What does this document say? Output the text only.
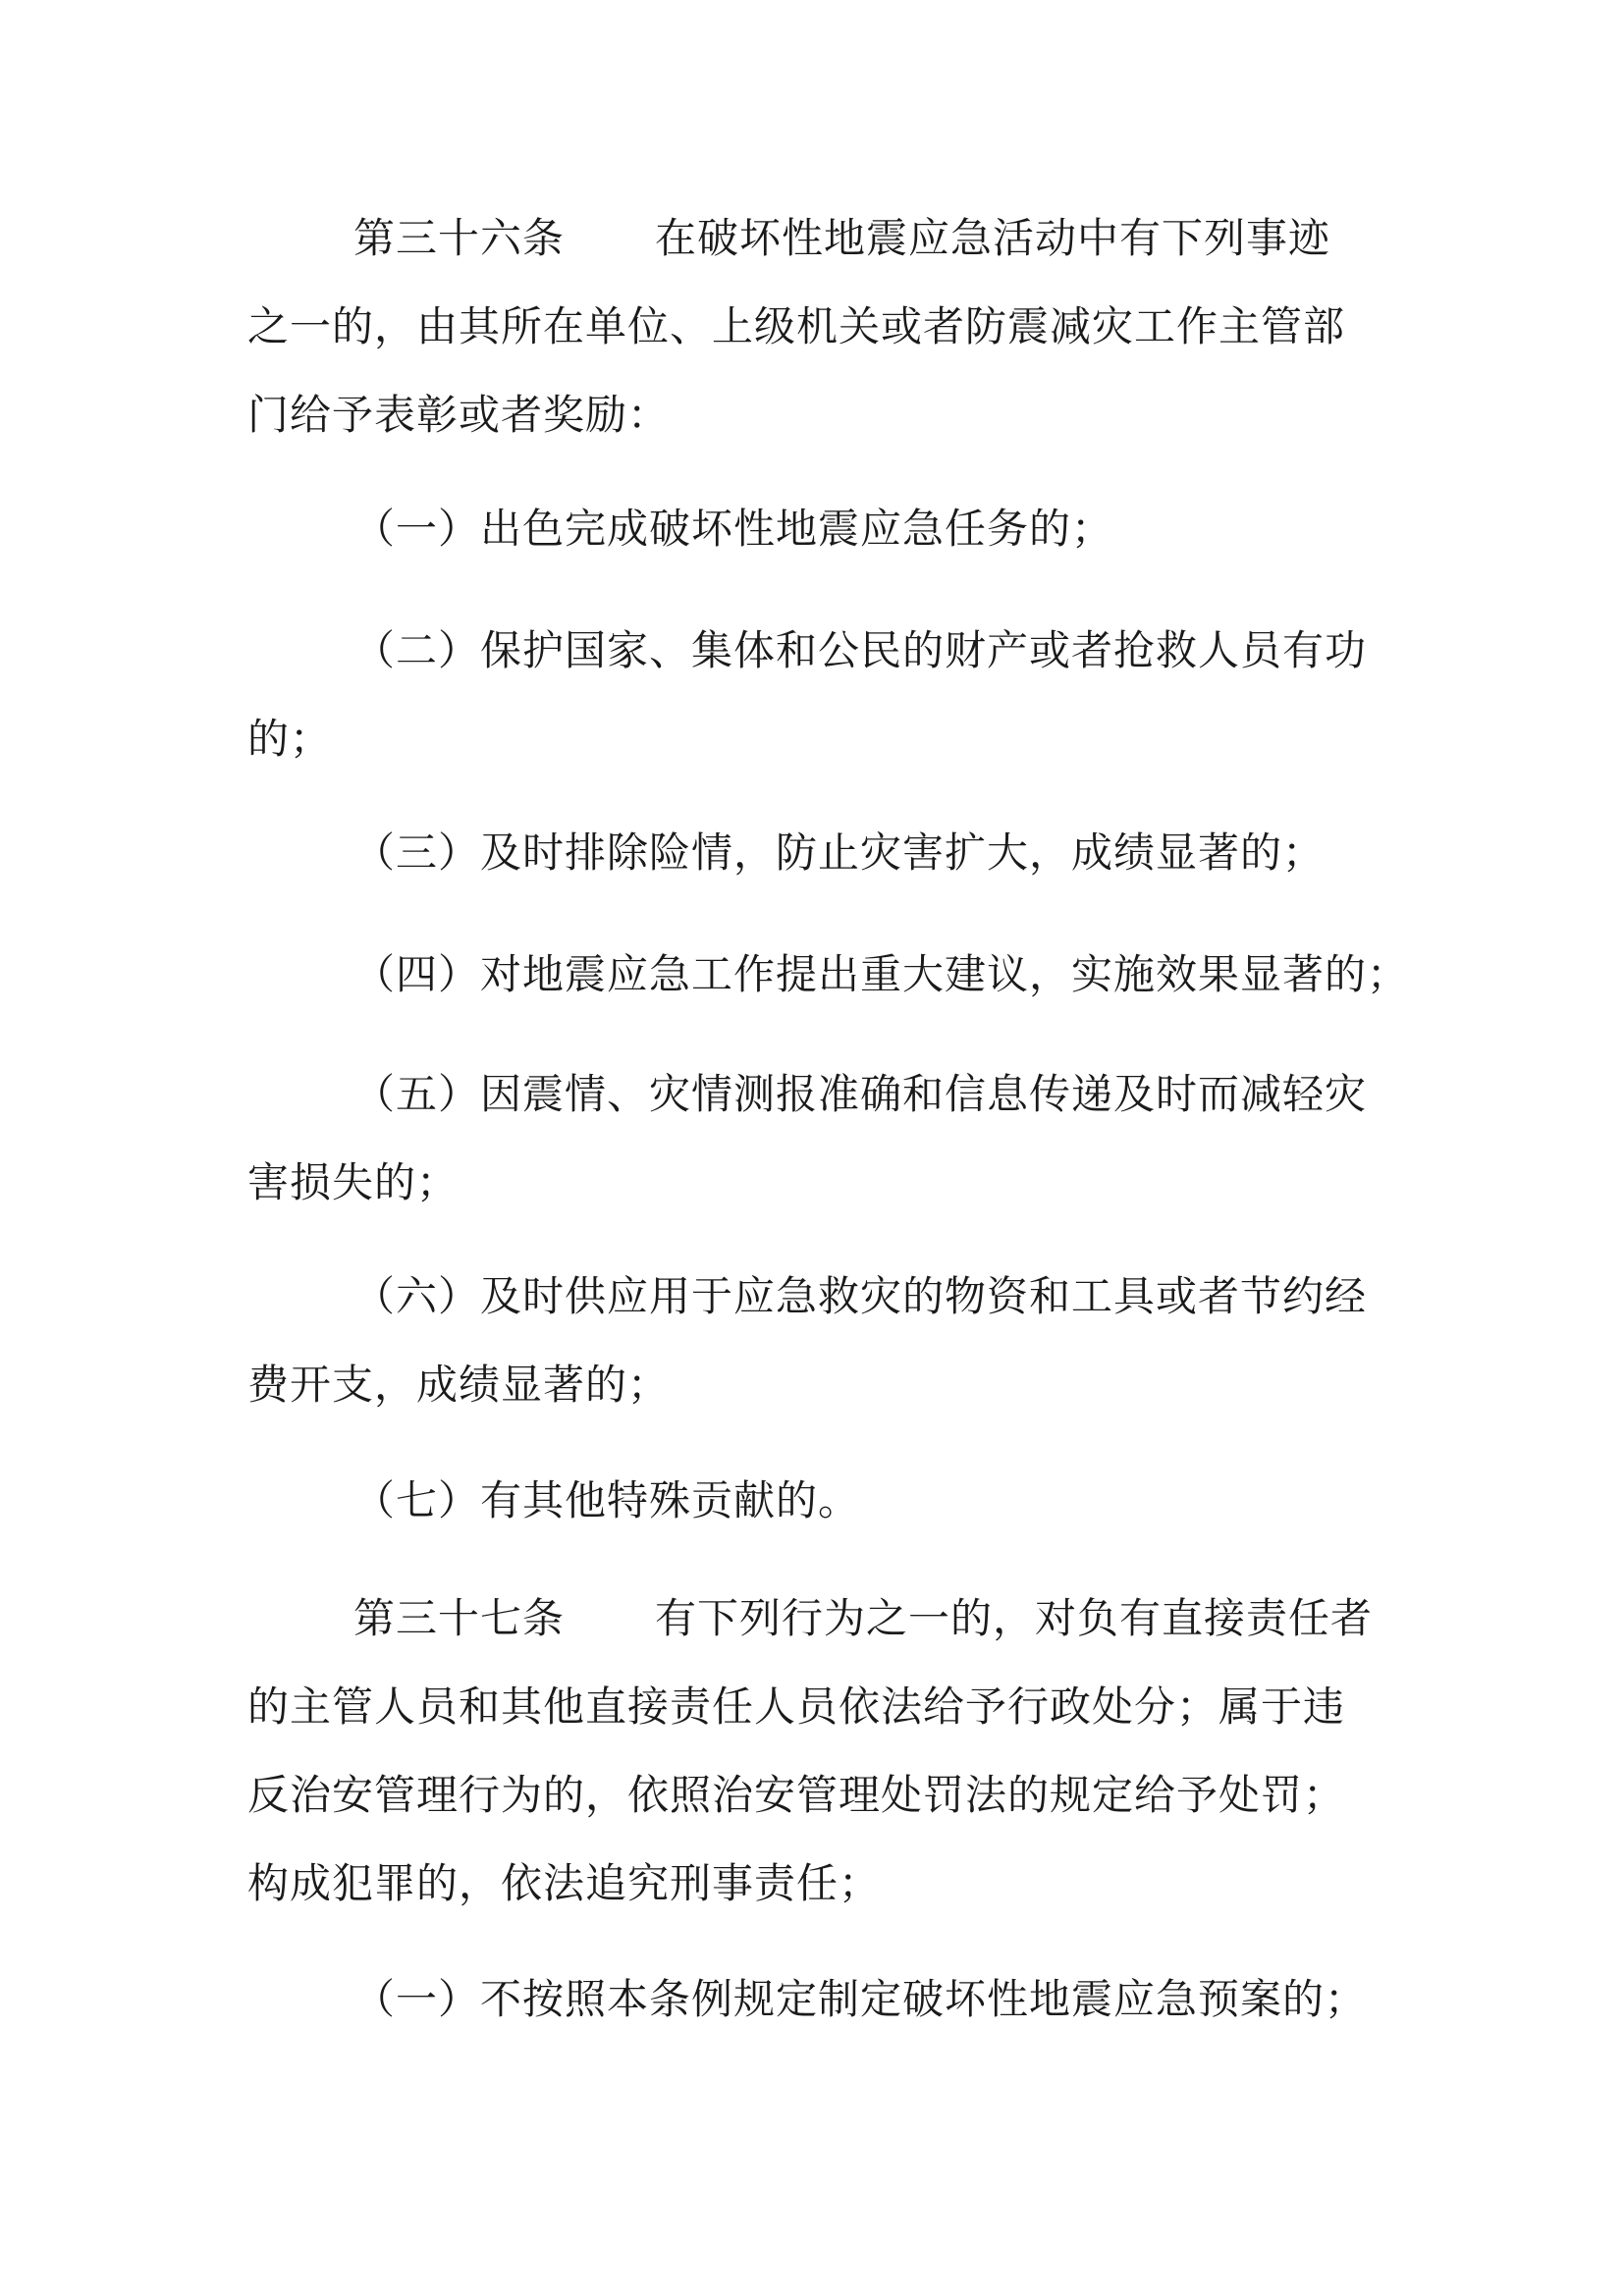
第三十六条 在破坏性地震应急活动中有下列事迹
之一的，由其所在单位、上级机关或者防震减灾工作主管部
门给予表彰或者奖励：
（一）出色完成破坏性地震应急任务的；
（二）保护国家、集体和公民的财产或者抢救人员有功
的；
（三）及时排除险情，防止灾害扩大，成绩显著的；
（四）对地震应急工作提出重大建议，实施效果显著的；
（五）因震情、灾情测报准确和信息传递及时而减轻灾
害损失的；
（六）及时供应用于应急救灾的物资和工具或者节约经
费开支，成绩显著的；
（七）有其他特殊贡献的。
第三十七条 有下列行为之一的，对负有直接责任者
的主管人员和其他直接责任人员依法给予行政处分；属于违
反治安管理行为的，依照治安管理处罚法的规定给予处罚；
构成犯罪的，依法追究刑事责任；
（一）不按照本条例规定制定破坏性地震应急预案的；
